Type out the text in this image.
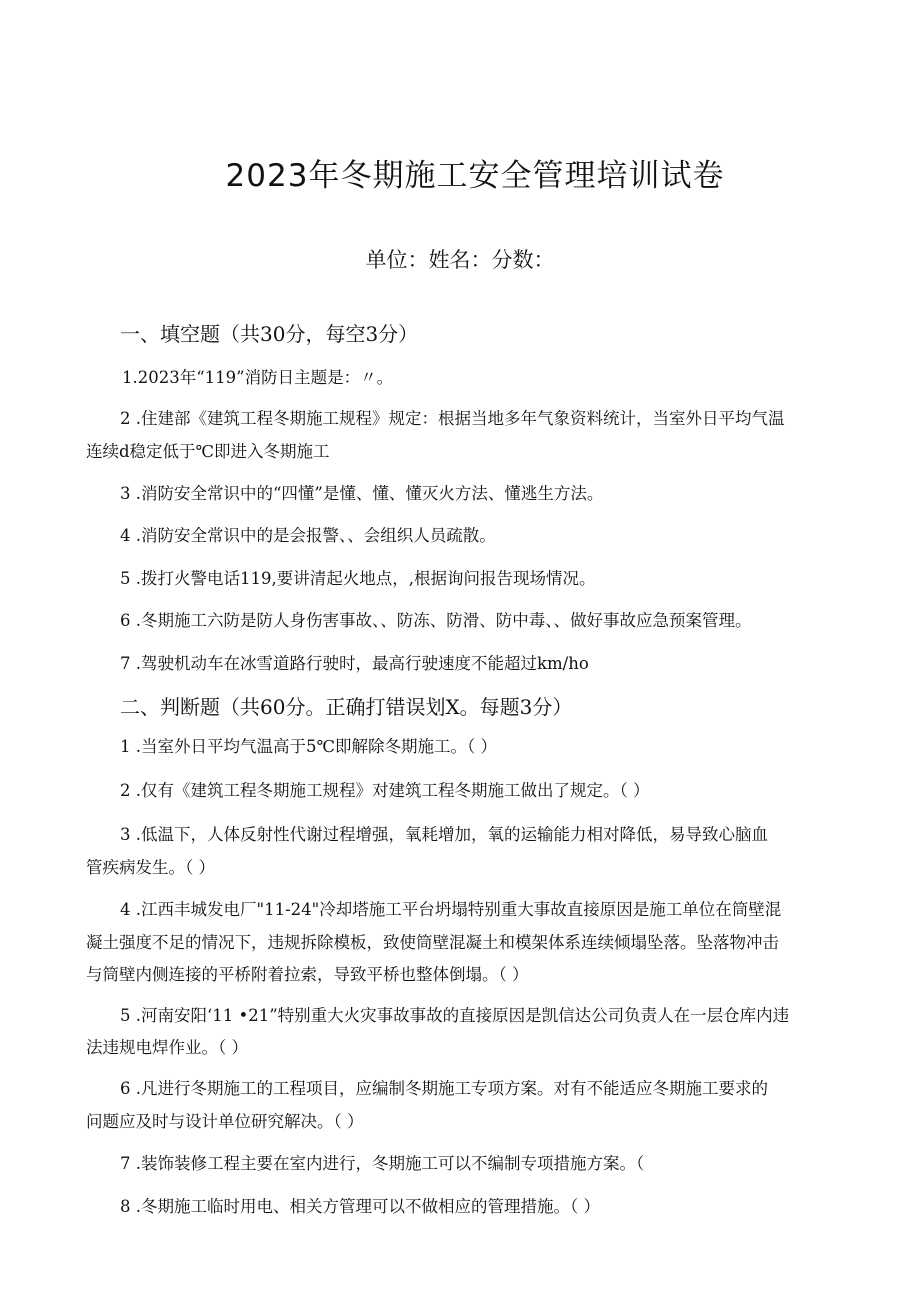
2023年冬期施工安全管理培训试卷
单位：姓名：分数：
一、填空题（共30分，每空3分）
1.2023年“119”消防日主题是：〃。
2 .住建部《建筑工程冬期施工规程》规定：根据当地多年气象资料统计，当室外日平均气温
连续d稳定低于℃即进入冬期施工
3 .消防安全常识中的“四懂”是懂、懂、懂灭火方法、懂逃生方法。
4 .消防安全常识中的是会报警、、会组织人员疏散。
5 .拨打火警电话119,要讲清起火地点，,根据询问报告现场情况。
6 .冬期施工六防是防人身伤害事故、、防冻、防滑、防中毒、、做好事故应急预案管理。
7 .驾驶机动车在冰雪道路行驶时，最高行驶速度不能超过km/ho
二、判断题（共60分。正确打错误划X。每题3分）
1 .当室外日平均气温高于5℃即解除冬期施工。（ ）
2 .仅有《建筑工程冬期施工规程》对建筑工程冬期施工做出了规定。（ ）
3 .低温下，人体反射性代谢过程增强，氧耗增加，氧的运输能力相对降低，易导致心脑血
管疾病发生。（ ）
4 .江西丰城发电厂"11-24"冷却塔施工平台坍塌特别重大事故直接原因是施工单位在筒壁混
凝土强度不足的情况下，违规拆除模板，致使筒壁混凝土和模架体系连续倾塌坠落。坠落物冲击
与筒壁内侧连接的平桥附着拉索，导致平桥也整体倒塌。（ ）
5 .河南安阳‘11 •21”特别重大火灾事故事故的直接原因是凯信达公司负责人在一层仓库内违
法违规电焊作业。（ ）
6 .凡进行冬期施工的工程项目，应编制冬期施工专项方案。对有不能适应冬期施工要求的
问题应及时与设计单位研究解决。（ ）
7 .装饰装修工程主要在室内进行，冬期施工可以不编制专项措施方案。（
8 .冬期施工临时用电、相关方管理可以不做相应的管理措施。（ ）
